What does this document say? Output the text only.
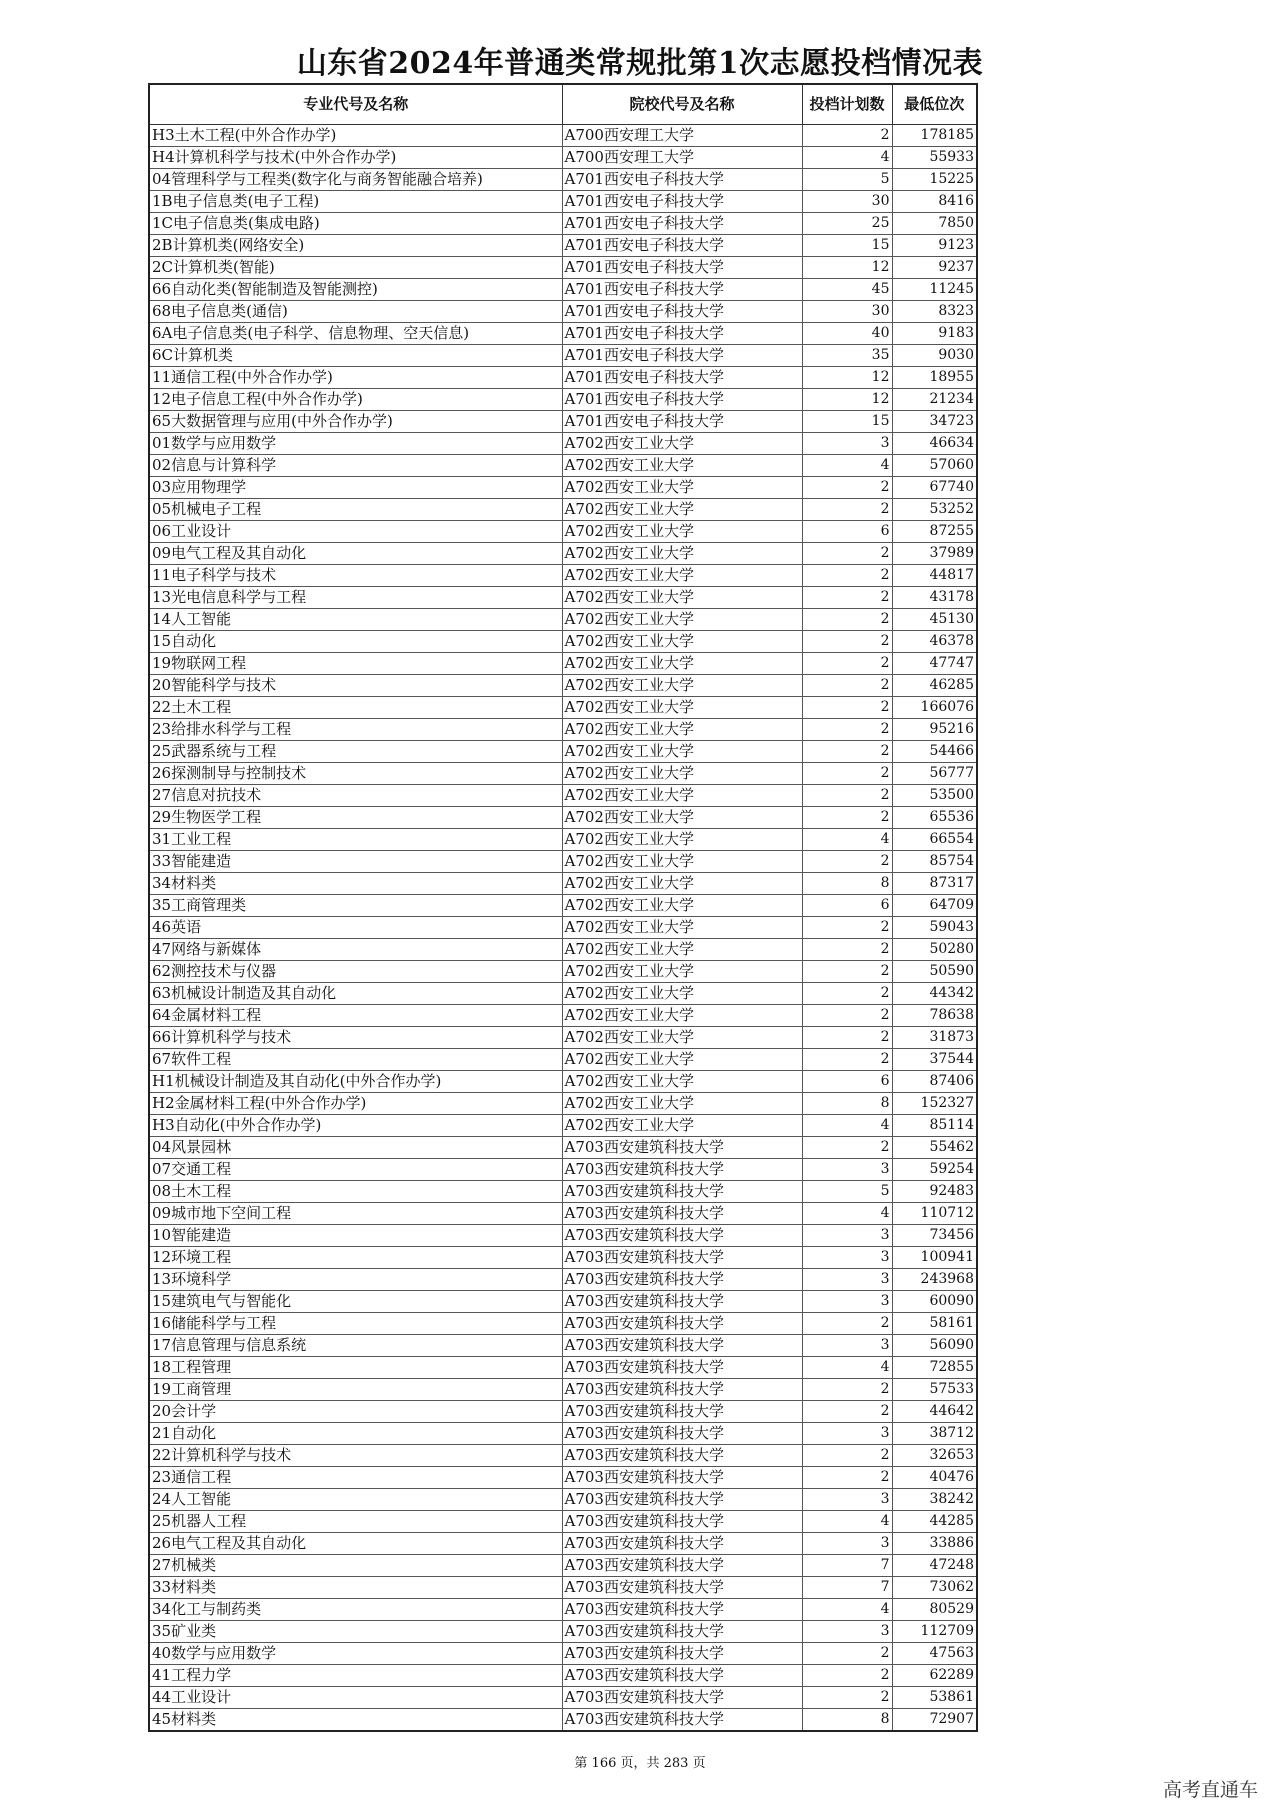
山东省2024年普通类常规批第1次志愿投档情况表
专业代号及名称	院校代号及名称	投档计划数	最低位次
H3土木工程(中外合作办学)	A700西安理工大学	2	178185
H4计算机科学与技术(中外合作办学)	A700西安理工大学	4	55933
04管理科学与工程类(数字化与商务智能融合培养)	A701西安电子科技大学	5	15225
1B电子信息类(电子工程)	A701西安电子科技大学	30	8416
1C电子信息类(集成电路)	A701西安电子科技大学	25	7850
2B计算机类(网络安全)	A701西安电子科技大学	15	9123
2C计算机类(智能)	A701西安电子科技大学	12	9237
66自动化类(智能制造及智能测控)	A701西安电子科技大学	45	11245
68电子信息类(通信)	A701西安电子科技大学	30	8323
6A电子信息类(电子科学、信息物理、空天信息)	A701西安电子科技大学	40	9183
6C计算机类	A701西安电子科技大学	35	9030
11通信工程(中外合作办学)	A701西安电子科技大学	12	18955
12电子信息工程(中外合作办学)	A701西安电子科技大学	12	21234
65大数据管理与应用(中外合作办学)	A701西安电子科技大学	15	34723
01数学与应用数学	A702西安工业大学	3	46634
02信息与计算科学	A702西安工业大学	4	57060
03应用物理学	A702西安工业大学	2	67740
05机械电子工程	A702西安工业大学	2	53252
06工业设计	A702西安工业大学	6	87255
09电气工程及其自动化	A702西安工业大学	2	37989
11电子科学与技术	A702西安工业大学	2	44817
13光电信息科学与工程	A702西安工业大学	2	43178
14人工智能	A702西安工业大学	2	45130
15自动化	A702西安工业大学	2	46378
19物联网工程	A702西安工业大学	2	47747
20智能科学与技术	A702西安工业大学	2	46285
22土木工程	A702西安工业大学	2	166076
23给排水科学与工程	A702西安工业大学	2	95216
25武器系统与工程	A702西安工业大学	2	54466
26探测制导与控制技术	A702西安工业大学	2	56777
27信息对抗技术	A702西安工业大学	2	53500
29生物医学工程	A702西安工业大学	2	65536
31工业工程	A702西安工业大学	4	66554
33智能建造	A702西安工业大学	2	85754
34材料类	A702西安工业大学	8	87317
35工商管理类	A702西安工业大学	6	64709
46英语	A702西安工业大学	2	59043
47网络与新媒体	A702西安工业大学	2	50280
62测控技术与仪器	A702西安工业大学	2	50590
63机械设计制造及其自动化	A702西安工业大学	2	44342
64金属材料工程	A702西安工业大学	2	78638
66计算机科学与技术	A702西安工业大学	2	31873
67软件工程	A702西安工业大学	2	37544
H1机械设计制造及其自动化(中外合作办学)	A702西安工业大学	6	87406
H2金属材料工程(中外合作办学)	A702西安工业大学	8	152327
H3自动化(中外合作办学)	A702西安工业大学	4	85114
04风景园林	A703西安建筑科技大学	2	55462
07交通工程	A703西安建筑科技大学	3	59254
08土木工程	A703西安建筑科技大学	5	92483
09城市地下空间工程	A703西安建筑科技大学	4	110712
10智能建造	A703西安建筑科技大学	3	73456
12环境工程	A703西安建筑科技大学	3	100941
13环境科学	A703西安建筑科技大学	3	243968
15建筑电气与智能化	A703西安建筑科技大学	3	60090
16储能科学与工程	A703西安建筑科技大学	2	58161
17信息管理与信息系统	A703西安建筑科技大学	3	56090
18工程管理	A703西安建筑科技大学	4	72855
19工商管理	A703西安建筑科技大学	2	57533
20会计学	A703西安建筑科技大学	2	44642
21自动化	A703西安建筑科技大学	3	38712
22计算机科学与技术	A703西安建筑科技大学	2	32653
23通信工程	A703西安建筑科技大学	2	40476
24人工智能	A703西安建筑科技大学	3	38242
25机器人工程	A703西安建筑科技大学	4	44285
26电气工程及其自动化	A703西安建筑科技大学	3	33886
27机械类	A703西安建筑科技大学	7	47248
33材料类	A703西安建筑科技大学	7	73062
34化工与制药类	A703西安建筑科技大学	4	80529
35矿业类	A703西安建筑科技大学	3	112709
40数学与应用数学	A703西安建筑科技大学	2	47563
41工程力学	A703西安建筑科技大学	2	62289
44工业设计	A703西安建筑科技大学	2	53861
45材料类	A703西安建筑科技大学	8	72907
第 166 页，共 283 页
高考直通车
